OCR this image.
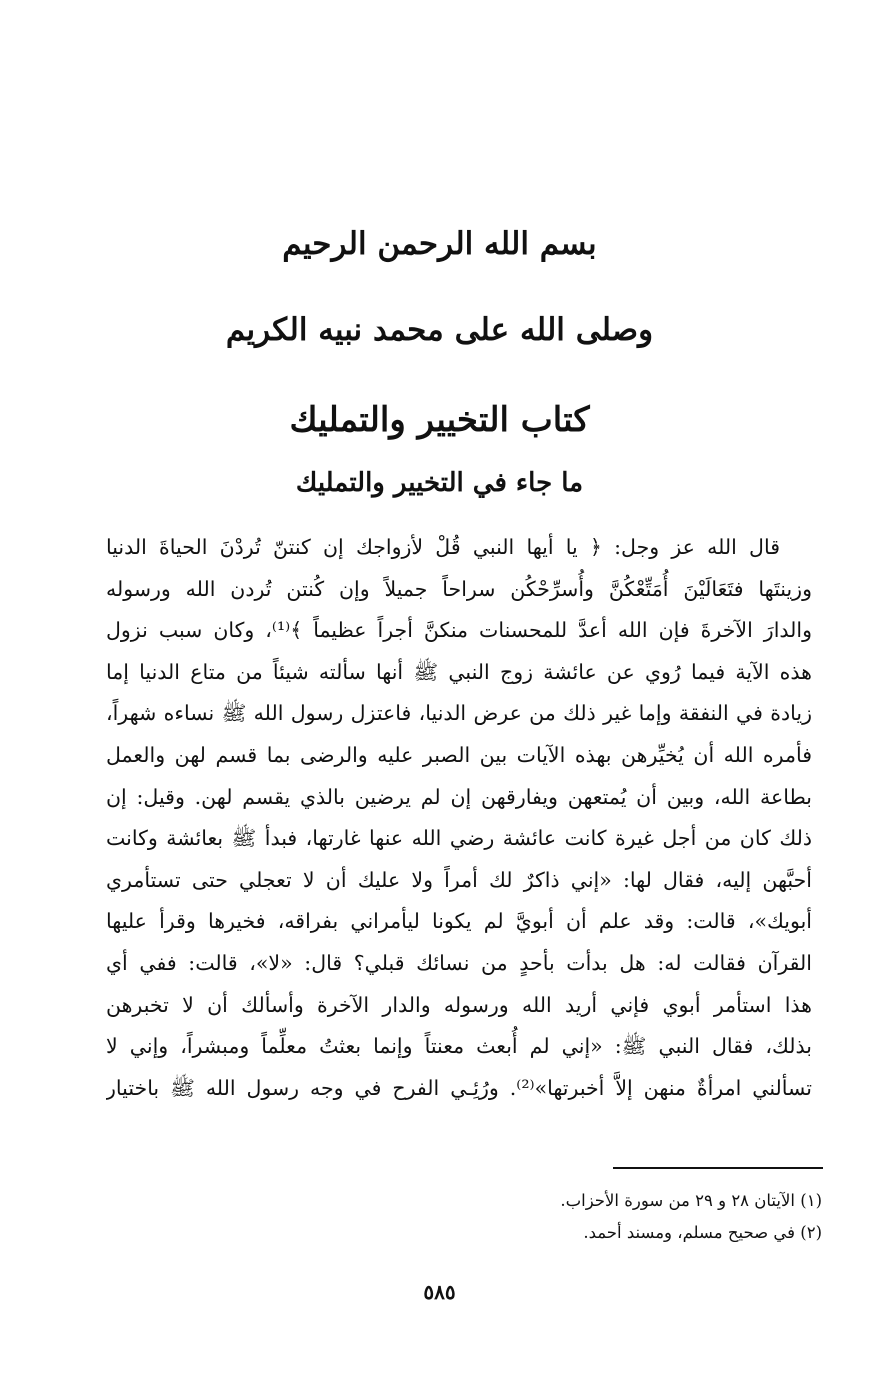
بسم الله الرحمن الرحيم
وصلى الله على محمد نبيه الكريم
كتاب التخيير والتمليك
ما جاء في التخيير والتمليك
قال الله عز وجل: ﴿ يا أيها النبي قُلْ لأزواجك إن كنتنّ تُردْنَ الحياةَ الدنيا
وزينتَها فتَعَالَيْنَ أُمَتِّعْكُنَّ وأُسرِّحْكُن سراحاً جميلاً وإن كُنتن تُردن الله ورسوله
والدارَ الآخرةَ فإن الله أعدَّ للمحسنات منكنَّ أجراً عظيماً ﴾⁽¹⁾، وكان سبب نزول
هذه الآية فيما رُوي عن عائشة زوج النبي ﷺ أنها سألته شيئاً من متاع الدنيا إما
زيادة في النفقة وإما غير ذلك من عرض الدنيا، فاعتزل رسول الله ﷺ نساءه شهراً،
فأمره الله أن يُخيِّرهن بهذه الآيات بين الصبر عليه والرضى بما قسم لهن والعمل
بطاعة الله، وبين أن يُمتعهن ويفارقهن إن لم يرضين بالذي يقسم لهن. وقيل: إن
ذلك كان من أجل غيرة كانت عائشة رضي الله عنها غارتها، فبدأ ﷺ بعائشة وكانت
أحبَّهن إليه، فقال لها: «إني ذاكرٌ لك أمراً ولا عليك أن لا تعجلي حتى تستأمري
أبويك»، قالت: وقد علم أن أبويَّ لم يكونا ليأمراني بفراقه، فخيرها وقرأ عليها
القرآن فقالت له: هل بدأت بأحدٍ من نسائك قبلي؟ قال: «لا»، قالت: ففي أي
هذا استأمر أبوي فإني أريد الله ورسوله والدار الآخرة وأسألك أن لا تخبرهن
بذلك، فقال النبي ﷺ: «إني لم أُبعث معنتاً وإنما بعثتُ معلِّماً ومبشراً، وإني لا
تسألني امرأةٌ منهن إلاَّ أخبرتها»⁽²⁾. ورُئِـي الفرح في وجه رسول الله ﷺ باختيار
(١) الآيتان ٢٨ و ٢٩ من سورة الأحزاب.
(٢) في صحيح مسلم، ومسند أحمد.
٥٨٥
